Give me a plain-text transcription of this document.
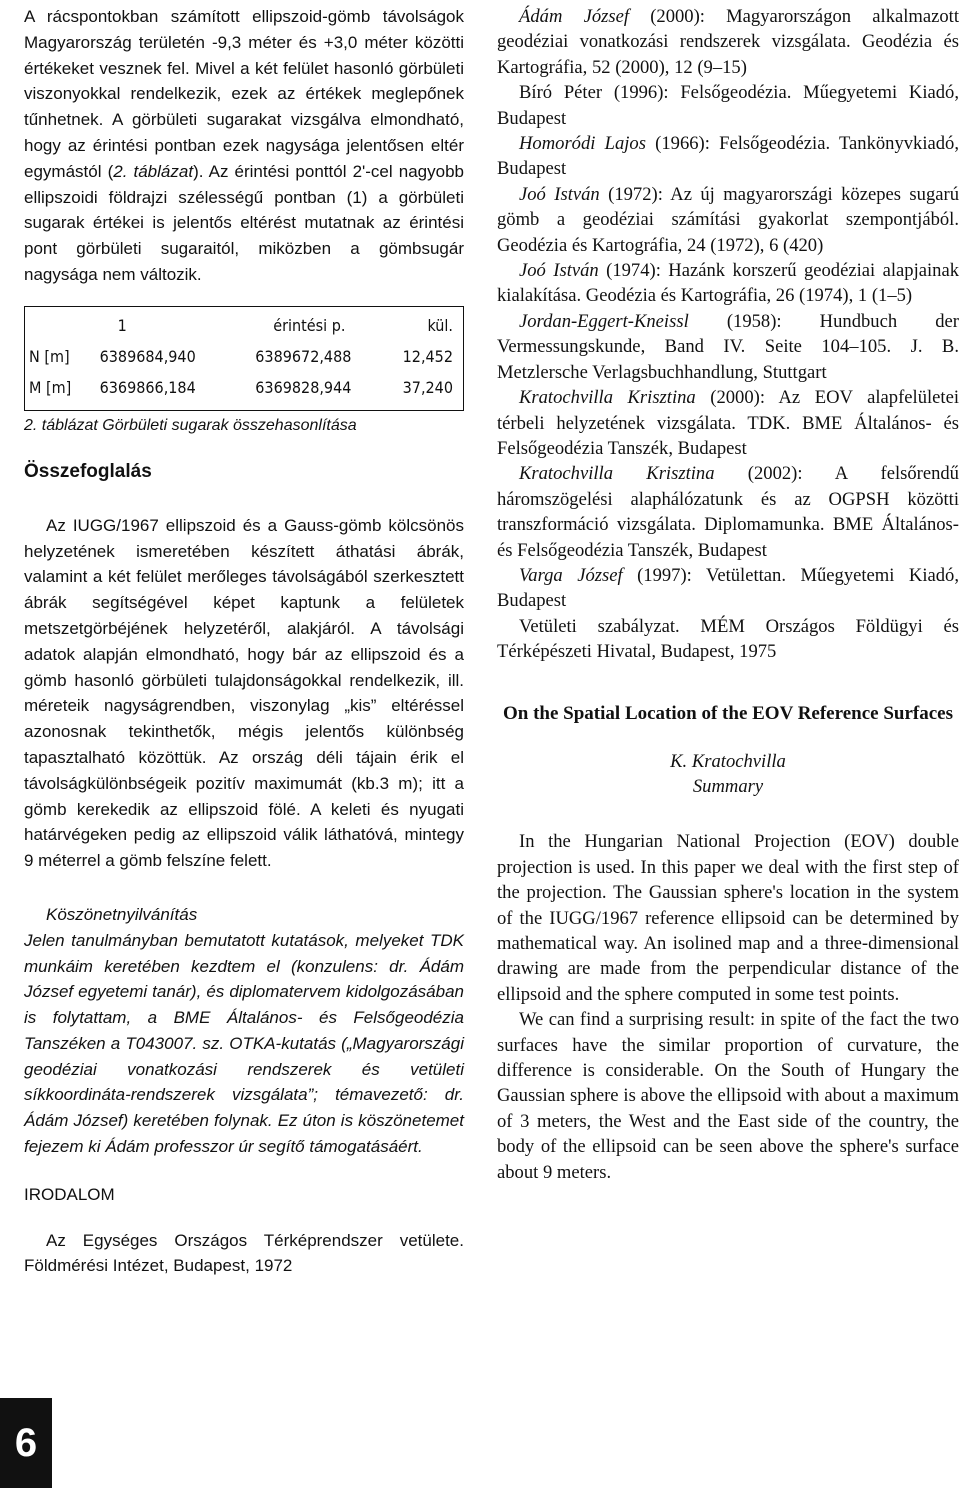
A rácspontokban számított ellipszoid-gömb távolságok Magyarország területén -9,3 méter és +3,0 méter közötti értékeket vesznek fel. Mivel a két felület hasonló görbületi viszonyokkal rendelkezik, ezek az értékek meglepőnek tűnhetnek. A görbületi sugarakat vizsgálva elmondható, hogy az érintési pontban ezek nagysága jelentősen eltér egymástól (2. táblázat). Az érintési ponttól 2'-cel nagyobb ellipszoidi földrajzi szélességű pontban (1) a görbületi sugarak értékei is jelentős eltérést mutatnak az érintési pont görbületi sugaraitól, miközben a gömbsugár nagysága nem változik.

	1	érintési p.	kül.
N [m]	6389684,940	6389672,488	12,452
M [m]	6369866,184	6369828,944	37,240
2. táblázat Görbületi sugarak összehasonlítása
Összefoglalás

Az IUGG/1967 ellipszoid és a Gauss-gömb kölcsönös helyzetének ismeretében készített áthatási ábrák, valamint a két felület merőleges távolságából szerkesztett ábrák segítségével képet kaptunk a felületek metszetgörbéjének helyzetéről, alakjáról. A távolsági adatok alapján elmondható, hogy bár az ellipszoid és a gömb hasonló görbületi tulajdonságokkal rendelkezik, ill. méreteik nagyságrendben, viszonylag „kis” eltéréssel azonosnak tekinthetők, mégis jelentős különbség tapasztalható közöttük. Az ország déli tájain érik el távolságkülönbségeik pozitív maximumát (kb.3 m); itt a gömb kerekedik az ellipszoid fölé. A keleti és nyugati határvégeken pedig az ellipszoid válik láthatóvá, mintegy 9 méterrel a gömb felszíne felett.

Köszönetnyilvánítás

Jelen tanulmányban bemutatott kutatások, melyeket TDK munkáim keretében kezdtem el (konzulens: dr. Ádám József egyetemi tanár), és diplomatervem kidolgozásában is folytattam, a BME Általános- és Felsőgeodézia Tanszéken a T043007. sz. OTKA-kutatás („Magyarországi geodéziai vonatkozási rendszerek és vetületi síkkoordináta-rendszerek vizsgálata”; témavezető: dr. Ádám József) keretében folynak. Ez úton is köszönetemet fejezem ki Ádám professzor úr segítő támogatásáért.

IRODALOM

Az Egységes Országos Térképrendszer vetülete. Földmérési Intézet, Budapest, 1972

Ádám József (2000): Magyarországon alkalmazott geodéziai vonatkozási rendszerek vizsgálata. Geodézia és Kartográfia, 52 (2000), 12 (9–15)

Bíró Péter (1996): Felsőgeodézia. Műegyetemi Kiadó, Budapest

Homoródi Lajos (1966): Felsőgeodézia. Tankönyvkiadó, Budapest

Joó István (1972): Az új magyarországi közepes sugarú gömb a geodéziai számítási gyakorlat szempontjából. Geodézia és Kartográfia, 24 (1972), 6 (420)

Joó István (1974): Hazánk korszerű geodéziai alapjainak kialakítása. Geodézia és Kartográfia, 26 (1974), 1 (1–5)

Jordan-Eggert-Kneissl (1958): Hundbuch der Vermessungskunde, Band IV. Seite 104–105. J. B. Metzlersche Verlagsbuchhandlung, Stuttgart

Kratochvilla Krisztina (2000): Az EOV alapfelületei térbeli helyzetének vizsgálata. TDK. BME Általános- és Felsőgeodézia Tanszék, Budapest

Kratochvilla Krisztina (2002): A felsőrendű háromszögelési alaphálózatunk és az OGPSH közötti transzformáció vizsgálata. Diplomamunka. BME Általános- és Felsőgeodézia Tanszék, Budapest

Varga József (1997): Vetülettan. Műegyetemi Kiadó, Budapest

Vetületi szabályzat. MÉM Országos Földügyi és Térképészeti Hivatal, Budapest, 1975

On the Spatial Location of the EOV Reference Surfaces

K. Kratochvilla

Summary

In the Hungarian National Projection (EOV) double projection is used. In this paper we deal with the first step of the projection. The Gaussian sphere's location in the system of the IUGG/1967 reference ellipsoid can be determined by mathematical way. An isolined map and a three-dimensional drawing are made from the perpendicular distance of the ellipsoid and the sphere computed in some test points.

We can find a surprising result: in spite of the fact the two surfaces have the similar proportion of curvature, the difference is considerable. On the South of Hungary the Gaussian sphere is above the ellipsoid with about a maximum of 3 meters, the West and the East side of the country, the body of the ellipsoid can be seen above the sphere's surface about 9 meters.

6
